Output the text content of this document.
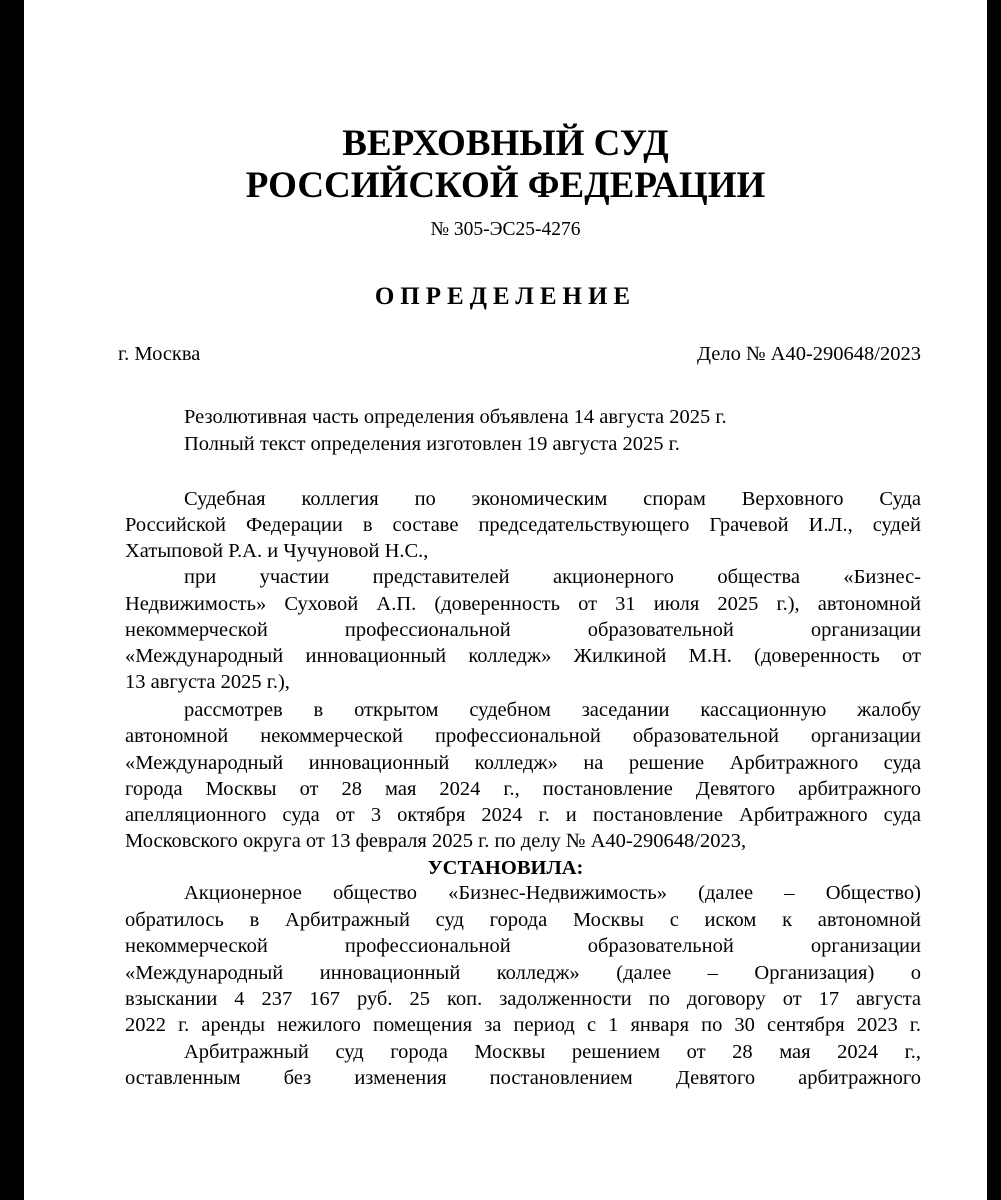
ВЕРХОВНЫЙ СУД
РОССИЙСКОЙ ФЕДЕРАЦИИ

№ 305-ЭС25-4276

ОПРЕДЕЛЕНИЕ

г. Москва	Дело № А40-290648/2023

Резолютивная часть определения объявлена 14 августа 2025 г.

Полный текст определения изготовлен 19 августа 2025 г.

Судебная коллегия по экономическим спорам Верховного Суда

Российской Федерации в составе председательствующего Грачевой И.Л., судей

Хатыповой Р.А. и Чучуновой Н.С.,

при участии представителей акционерного общества «Бизнес-

Недвижимость» Суховой А.П. (доверенность от 31 июля 2025 г.), автономной

некоммерческой профессиональной образовательной организации

«Международный инновационный колледж» Жилкиной М.Н. (доверенность от

13 августа 2025 г.),

рассмотрев в открытом судебном заседании кассационную жалобу

автономной некоммерческой профессиональной образовательной организации

«Международный инновационный колледж» на решение Арбитражного суда

города Москвы от 28 мая 2024 г., постановление Девятого арбитражного

апелляционного суда от 3 октября 2024 г. и постановление Арбитражного суда

Московского округа от 13 февраля 2025 г. по делу № А40-290648/2023,

УСТАНОВИЛА:

Акционерное общество «Бизнес-Недвижимость» (далее – Общество)

обратилось в Арбитражный суд города Москвы с иском к автономной

некоммерческой профессиональной образовательной организации

«Международный инновационный колледж» (далее – Организация) о

взыскании 4 237 167 руб. 25 коп. задолженности по договору от 17 августа

2022 г. аренды нежилого помещения за период с 1 января по 30 сентября 2023 г.

Арбитражный суд города Москвы решением от 28 мая 2024 г.,

оставленным без изменения постановлением Девятого арбитражного
